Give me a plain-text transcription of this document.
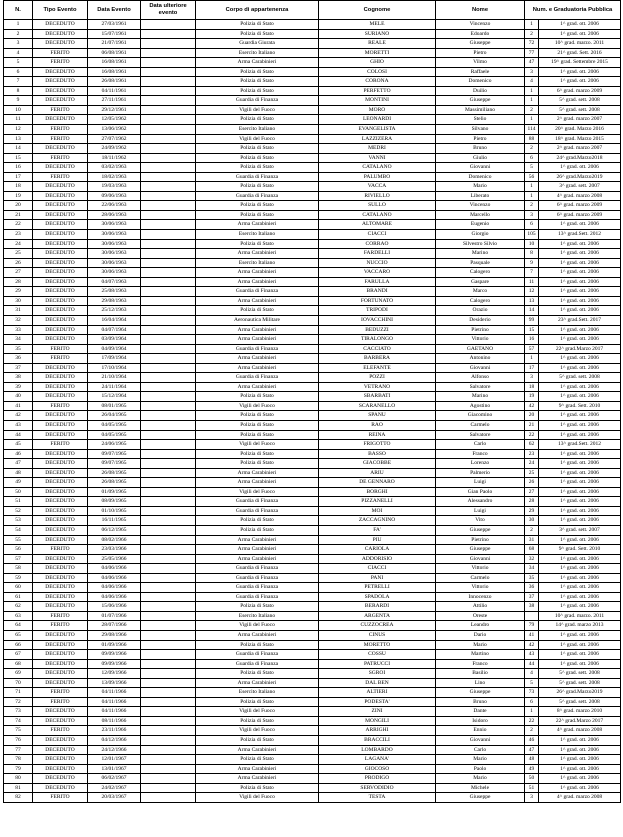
N.	Tipo Evento	Data Evento	Data ulteriore evento	Corpo di appartenenza	Cognome	Nome	Num. e Graduatoria Pubblica	
1	DECEDUTO	27/03/1961		Polizia di Stato	MELE	Vincenzo	1	1^ grad. ott. 2006
2	DECEDUTO	15/07/1961		Polizia di Stato	SURIANO	Edoardo	2	1^ grad. ott. 2006
3	DECEDUTO	21/07/1961		Guardia Giurata	REALE	Giuseppe	72	10^ grad. marzo. 2011
4	FERITO	06/08/1961		Esercito Italiano	MORETTI	Pietro	77	21^ grad. Sett. 2016
5	FERITO	16/08/1961		Arma Carabinieri	GHIO	Vilmo	47	19^ grad. Settembre 2015
6	DECEDUTO	16/08/1961		Polizia di Stato	COLOSI	Raffaele	3	1^ grad. ott. 2006
7	DECEDUTO	26/08/1961		Polizia di Stato	CORONA	Domenico	4	1^ grad. ott. 2006
8	DECEDUTO	04/11/1961		Polizia di Stato	PERFETTO	Duilio	1	6^ grad. marzo 2009
9	DECEDUTO	27/11/1961		Guardia di Finanza	MONTINI	Giuseppe	1	5^ grad. sett. 2008
10	FERITO	29/12/1961		Vigili del Fuoco	MORO	Massimiliano	2	5^ grad. sett. 2008
11	DECEDUTO	12/05/1962		Polizia di Stato	LEONARDI	Stelio	1	2^ grad. marzo 2007
12	FERITO	13/06/1962		Esercito Italiano	EVANGELISTA	Silvano	114	20^ grad. Marzo 2016
13	FERITO	27/07/1962		Vigili del Fuoco	LAZZIZERA	Pietro	88	18^ grad. Marzo 2015
14	DECEDUTO	24/09/1962		Polizia di Stato	MEDRI	Bruno	2	2^ grad. marzo 2007
15	FERITO	18/11/1962		Polizia di Stato	VANNI	Giulio	6	24^ grad.Marzo2018
16	DECEDUTO	03/02/1963		Polizia di Stato	CATALANO	Giovanni	5	1^ grad. ott. 2006
17	FERITO	18/02/1963		Guardia di Finanza	PALUMBO	Domenico	56	26^ grad.Marzo2019
18	DECEDUTO	19/03/1963		Polizia di Stato	VACCA	Mario	1	3^ grad. sett. 2007
19	DECEDUTO	09/06/1963		Guardia di Finanza	RIVIELLO	Liberato	1	4^ grad. marzo 2008
20	DECEDUTO	22/06/1963		Polizia di Stato	SULLO	Vincenzo	2	6^ grad. marzo 2009
21	DECEDUTO	28/06/1963		Polizia di Stato	CATALANO	Marcello	3	6^ grad. marzo 2009
22	DECEDUTO	30/06/1963		Arma Carabinieri	ALTOMARE	Eugenio	6	1^ grad. ott. 2006
23	DECEDUTO	30/06/1963		Esercito Italiano	CIACCI	Giorgio	105	13^ grad.Sett. 2012
24	DECEDUTO	30/06/1963		Polizia di Stato	CORRAO	Silvestro Silvio	10	1^ grad. ott. 2006
25	DECEDUTO	30/06/1963		Arma Carabinieri	FARDELLI	Marino	8	1^ grad. ott. 2006
26	DECEDUTO	30/06/1963		Esercito Italiano	NUCCIO	Pasquale	9	1^ grad. ott. 2006
27	DECEDUTO	30/06/1963		Arma Carabinieri	VACCARO	Calogero	7	1^ grad. ott. 2006
28	DECEDUTO	04/07/1963		Arma Carabinieri	FARULLA	Gaspare	11	1^ grad. ott. 2006
29	DECEDUTO	25/08/1963		Guardia di Finanza	BRANDI	Marco	12	1^ grad. ott. 2006
30	DECEDUTO	29/08/1963		Arma Carabinieri	FORTUNATO	Calogero	13	1^ grad. ott. 2006
31	DECEDUTO	25/12/1963		Polizia di Stato	TRIPODI	Orazio	14	1^ grad. ott. 2006
32	DECEDUTO	16/04/1964		Aeronautica Militare	IOVACCHINI	Desiderio	99	23^ grad.Sett. 2017
33	DECEDUTO	04/07/1964		Arma Carabinieri	BEDUZZI	Pietrino	15	1^ grad. ott. 2006
34	DECEDUTO	03/09/1964		Arma Carabinieri	TIRALONGO	Vittorio	16	1^ grad. ott. 2006
35	FERITO	04/09/1964		Guardia di Finanza	CACCIATO	GAETANO	57	22^ grad.Marzo 2017
36	FERITO	17/09/1964		Arma Carabinieri	BARBERA	Antonino	1	1^ grad. ott. 2006
37	DECEDUTO	17/10/1964		Arma Carabinieri	ELEFANTE	Giovanni	17	1^ grad. ott. 2006
38	DECEDUTO	21/10/1964		Guardia di Finanza	POZZI	Alfonso	3	5^ grad. sett. 2008
39	DECEDUTO	24/11/1964		Arma Carabinieri	VETRANO	Salvatore	18	1^ grad. ott. 2006
40	DECEDUTO	15/12/1964		Polizia di Stato	SBARBATI	Marino	19	1^ grad. ott. 2006
41	FERITO	08/01/1965		Vigili del Fuoco	SCARANELLO	Agostino	42	9^ grad. Sett. 2010
42	DECEDUTO	26/04/1965		Polizia di Stato	SPANU	Giacomino	20	1^ grad. ott. 2006
43	DECEDUTO	04/05/1965		Polizia di Stato	RAO	Carmelo	21	1^ grad. ott. 2006
44	DECEDUTO	04/05/1965		Polizia di Stato	REINA	Salvatore	22	1^ grad. ott. 2006
45	FERITO	24/06/1965		Vigili del Fuoco	FRIGOTTO	Carlo	62	13^ grad.Sett. 2012
46	DECEDUTO	09/07/1965		Polizia di Stato	BASSO	Franco	23	1^ grad. ott. 2006
47	DECEDUTO	09/07/1965		Polizia di Stato	GIACOBBE	Lorenzo	24	1^ grad. ott. 2006
48	DECEDUTO	26/08/1965		Arma Carabinieri	ARIU	Palmerio	25	1^ grad. ott. 2006
49	DECEDUTO	26/08/1965		Arma Carabinieri	DE GENNARO	Luigi	26	1^ grad. ott. 2006
50	DECEDUTO	01/09/1965		Vigili del Fuoco	BORGHI	Gian Paolo	27	1^ grad. ott. 2006
51	DECEDUTO	08/09/1965		Guardia di Finanza	PIZZANELLI	Alessandro	28	1^ grad. ott. 2006
52	DECEDUTO	01/10/1965		Guardia di Finanza	MOI	Luigi	29	1^ grad. ott. 2006
53	DECEDUTO	16/11/1965		Polizia di Stato	ZACCAGNINO	Vito	30	1^ grad. ott. 2006
54	DECEDUTO	06/12/1965		Polizia di Stato	FA'	Giuseppe	2	3^ grad. sett. 2007
55	DECEDUTO	08/02/1966		Arma Carabinieri	PIU	Pietrino	31	1^ grad. ott. 2006
56	FERITO	23/03/1966		Arma Carabinieri	CARIOLA	Giuseppe	68	9^ grad. Sett. 2010
57	DECEDUTO	25/05/1966		Arma Carabinieri	ADDORISIO	Giovanni	32	1^ grad. ott. 2006
58	DECEDUTO	04/06/1966		Guardia di Finanza	CIACCI	Vittorio	34	1^ grad. ott. 2006
59	DECEDUTO	04/06/1966		Guardia di Finanza	PANI	Carmelo	35	1^ grad. ott. 2006
60	DECEDUTO	04/06/1966		Guardia di Finanza	PETRELLI	Vittorio	36	1^ grad. ott. 2006
61	DECEDUTO	04/06/1966		Guardia di Finanza	SPADOLA	Innocenzo	37	1^ grad. ott. 2006
62	DECEDUTO	15/06/1966		Polizia di Stato	BERARDI	Attilio	38	1^ grad. ott. 2006
63	FERITO	01/07/1966		Esercito Italiano	ARGENTA	Oreste		10^ grad. marzo. 2011
64	FERITO	28/07/1966		Vigili del Fuoco	CUZZOCREA	Leandro	79	14^ grad. marzo 2013
65	DECEDUTO	29/08/1966		Arma Carabinieri	CINUS	Dario	41	1^ grad. ott. 2006
66	DECEDUTO	01/09/1966		Polizia di Stato	MORETTO	Mario	42	1^ grad. ott. 2006
67	DECEDUTO	09/09/1966		Guardia di Finanza	COSSU	Martino	43	1^ grad. ott. 2006
68	DECEDUTO	09/09/1966		Guardia di Finanza	PATRUCCI	Franco	44	1^ grad. ott. 2006
69	DECEDUTO	12/09/1966		Polizia di Stato	SGROI	Basilio	4	5^ grad. sett. 2008
70	DECEDUTO	13/09/1966		Arma Carabinieri	DAL BEN	Lino	5	5^ grad. sett. 2008
71	FERITO	04/11/1966		Esercito Italiano	ALTIERI	Giuseppe	73	26^ grad.Marzo2019
72	FERITO	04/11/1966		Polizia di Stato	PODESTA'	Bruno	6	5^ grad. sett. 2008
73	DECEDUTO	04/11/1966		Vigili del Fuoco	ZINI	Dante	1	8^ grad. marzo 2010
74	DECEDUTO	08/11/1966		Polizia di Stato	MONGILI	Isidoro	22	22^ grad.Marzo 2017
75	FERITO	23/11/1966		Vigili del Fuoco	ARRIGHI	Ennio	2	4^ grad. marzo 2008
76	DECEDUTO	04/12/1966		Polizia di Stato	BRACCILI	Giovanni	46	1^ grad. ott. 2006
77	DECEDUTO	24/12/1966		Arma Carabinieri	LOMBARDO	Carlo	47	1^ grad. ott. 2006
78	DECEDUTO	12/01/1967		Polizia di Stato	LAGANA'	Mario	48	1^ grad. ott. 2006
79	DECEDUTO	13/01/1967		Arma Carabinieri	GIOCOSO	Paolo	49	1^ grad. ott. 2006
80	DECEDUTO	06/02/1967		Arma Carabinieri	PRODIGO	Mario	50	1^ grad. ott. 2006
81	DECEDUTO	24/02/1967		Polizia di Stato	SERVODIDIO	Michele	51	1^ grad. ott. 2006
82	FERITO	20/03/1967		Vigili del Fuoco	TESTA	Giuseppe	3	4^ grad. marzo 2008
